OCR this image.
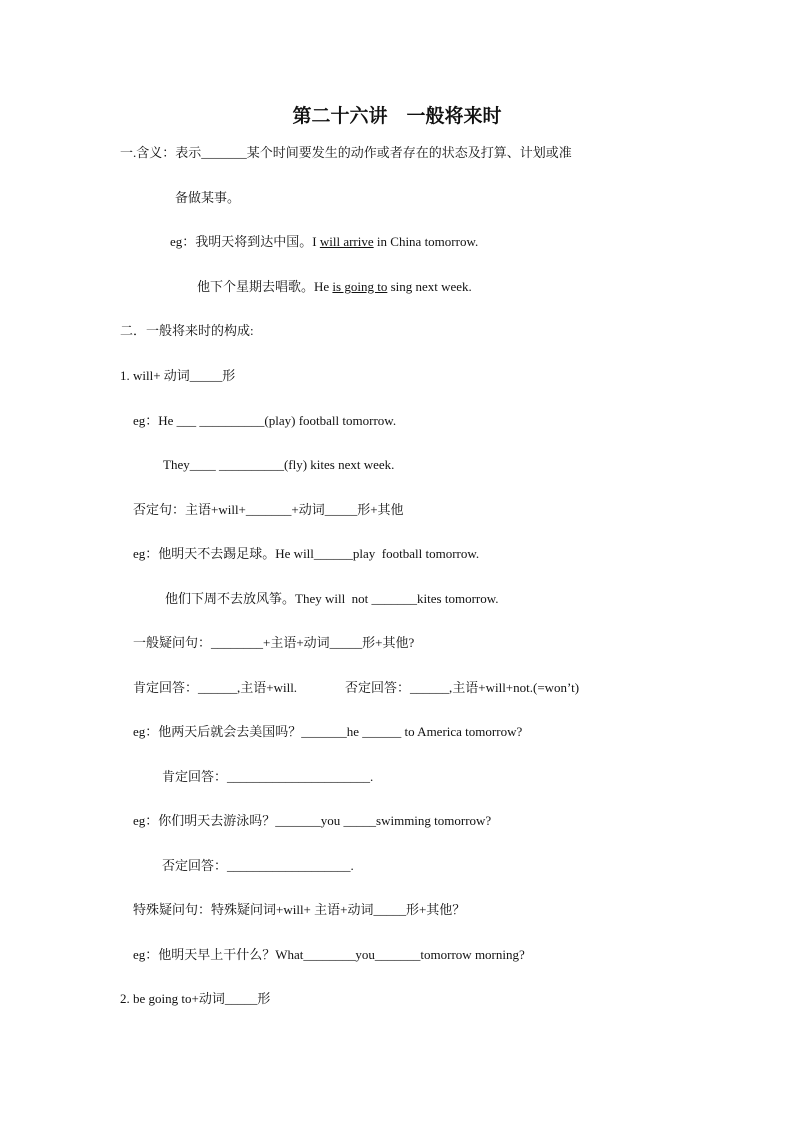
第二十六讲    一般将来时
一.含义：表示_______某个时间要发生的动作或者存在的状态及打算、计划或准
备做某事。
eg：我明天将到达中国。I will arrive in China tomorrow.
他下个星期去唱歌。He is going to sing next week.
二．一般将来时的构成:
1. will+ 动词_____形
eg：He ___ __________(play) football tomorrow.
They____ __________(fly) kites next week.
否定句：主语+will+_______+动词_____形+其他
eg：他明天不去踢足球。He will______play  football tomorrow.
他们下周不去放风筝。They will  not _______kites tomorrow.
一般疑问句：________+主语+动词_____形+其他?
肯定回答：______,主语+will.	否定回答：______,主语+will+not.(=won’t)
eg：他两天后就会去美国吗？_______he ______ to America tomorrow?
肯定回答：______________________.
eg：你们明天去游泳吗？_______you _____swimming tomorrow?
否定回答：___________________.
特殊疑问句：特殊疑问词+will+ 主语+动词_____形+其他？
eg：他明天早上干什么？What________you_______tomorrow morning?
2. be going to+动词_____形
